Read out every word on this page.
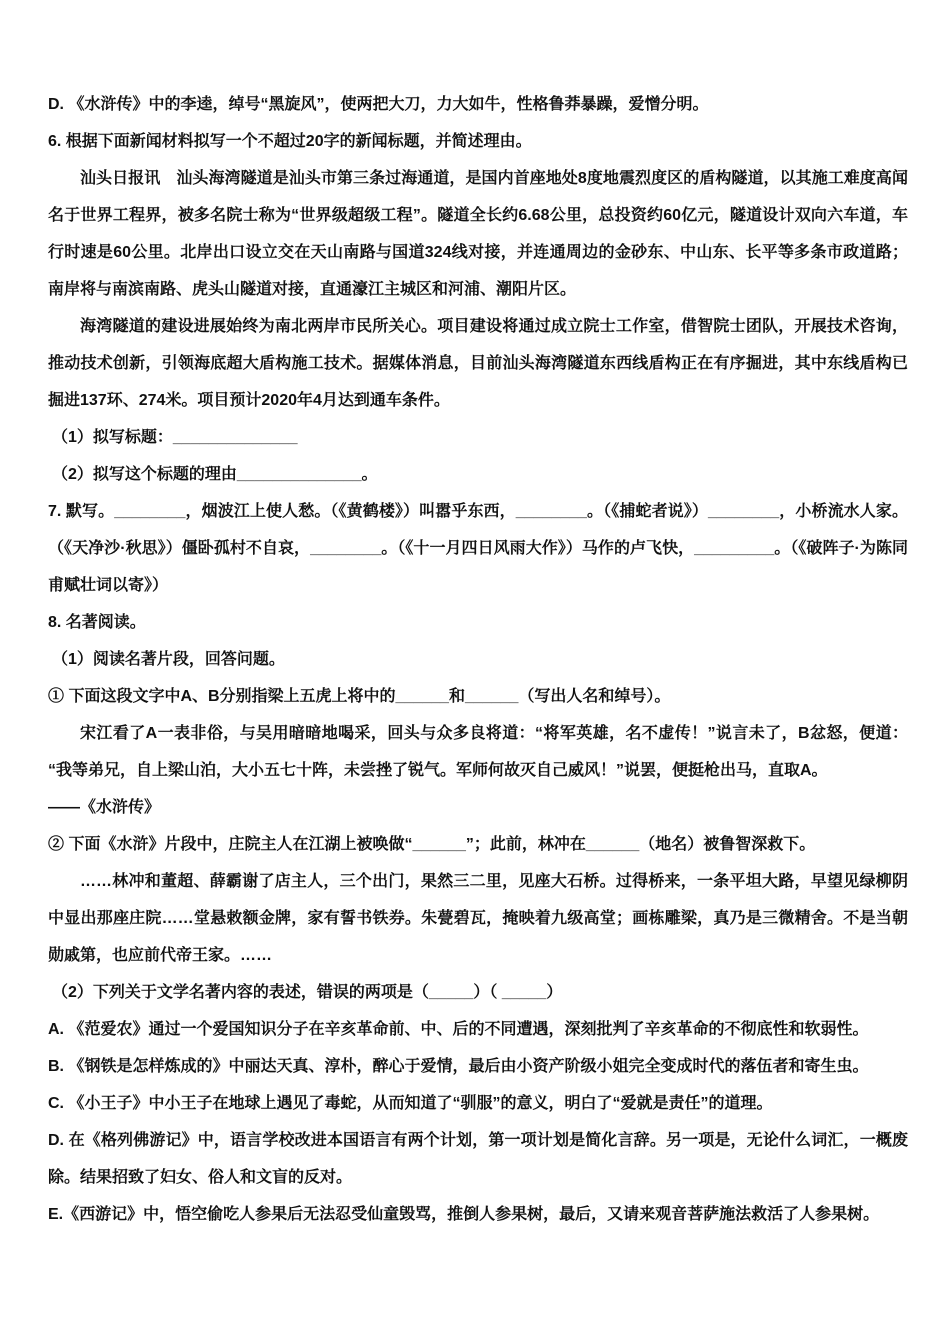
D. 《水浒传》中的李逵，绰号“黑旋风”，使两把大刀，力大如牛，性格鲁莽暴躁，爱憎分明。

6. 根据下面新闻材料拟写一个不超过20字的新闻标题，并简述理由。

汕头日报讯　汕头海湾隧道是汕头市第三条过海通道，是国内首座地处8度地震烈度区的盾构隧道，以其施工难度高闻名于世界工程界，被多名院士称为“世界级超级工程”。隧道全长约6.68公里，总投资约60亿元，隧道设计双向六车道，车行时速是60公里。北岸出口设立交在天山南路与国道324线对接，并连通周边的金砂东、中山东、长平等多条市政道路；南岸将与南滨南路、虎头山隧道对接，直通濠江主城区和河浦、潮阳片区。

海湾隧道的建设进展始终为南北两岸市民所关心。项目建设将通过成立院士工作室，借智院士团队，开展技术咨询，推动技术创新，引领海底超大盾构施工技术。据媒体消息，目前汕头海湾隧道东西线盾构正在有序掘进，其中东线盾构已掘进137环、274米。项目预计2020年4月达到通车条件。

（1）拟写标题：______________

（2）拟写这个标题的理由______________。

7. 默写。________，烟波江上使人愁。（《黄鹤楼》）叫嚣乎东西，________。（《捕蛇者说》）________，小桥流水人家。（《天净沙·秋思》）僵卧孤村不自哀，________。（《十一月四日风雨大作》）马作的卢飞快，_________。（《破阵子·为陈同甫赋壮词以寄》）

8. 名著阅读。

（1）阅读名著片段，回答问题。

① 下面这段文字中A、B分别指梁上五虎上将中的______和______（写出人名和绰号）。

宋江看了A一表非俗，与吴用暗暗地喝采，回头与众多良将道：“将军英雄，名不虚传！”说言未了，B忿怒，便道：“我等弟兄，自上梁山泊，大小五七十阵，未尝挫了锐气。军师何故灭自己威风！”说罢，便挺枪出马，直取A。

——《水浒传》

② 下面《水浒》片段中，庄院主人在江湖上被唤做“______”；此前，林冲在______（地名）被鲁智深救下。

……林冲和董超、薛霸谢了店主人，三个出门，果然三二里，见座大石桥。过得桥来，一条平坦大路，早望见绿柳阴中显出那座庄院……堂悬敕额金牌，家有誓书铁券。朱甍碧瓦，掩映着九级高堂；画栋雕梁，真乃是三微精舍。不是当朝勋戚第，也应前代帝王家。……

（2）下列关于文学名著内容的表述，错误的两项是（_____）（ _____）

A. 《范爱农》通过一个爱国知识分子在辛亥革命前、中、后的不同遭遇，深刻批判了辛亥革命的不彻底性和软弱性。

B. 《钢铁是怎样炼成的》中丽达天真、淳朴，醉心于爱情，最后由小资产阶级小姐完全变成时代的落伍者和寄生虫。

C. 《小王子》中小王子在地球上遇见了毒蛇，从而知道了“驯服”的意义，明白了“爱就是责任”的道理。

D. 在《格列佛游记》中，语言学校改进本国语言有两个计划，第一项计划是简化言辞。另一项是，无论什么词汇，一概废除。结果招致了妇女、俗人和文盲的反对。

E.《西游记》中，悟空偷吃人参果后无法忍受仙童毁骂，推倒人参果树，最后，又请来观音菩萨施法救活了人参果树。
